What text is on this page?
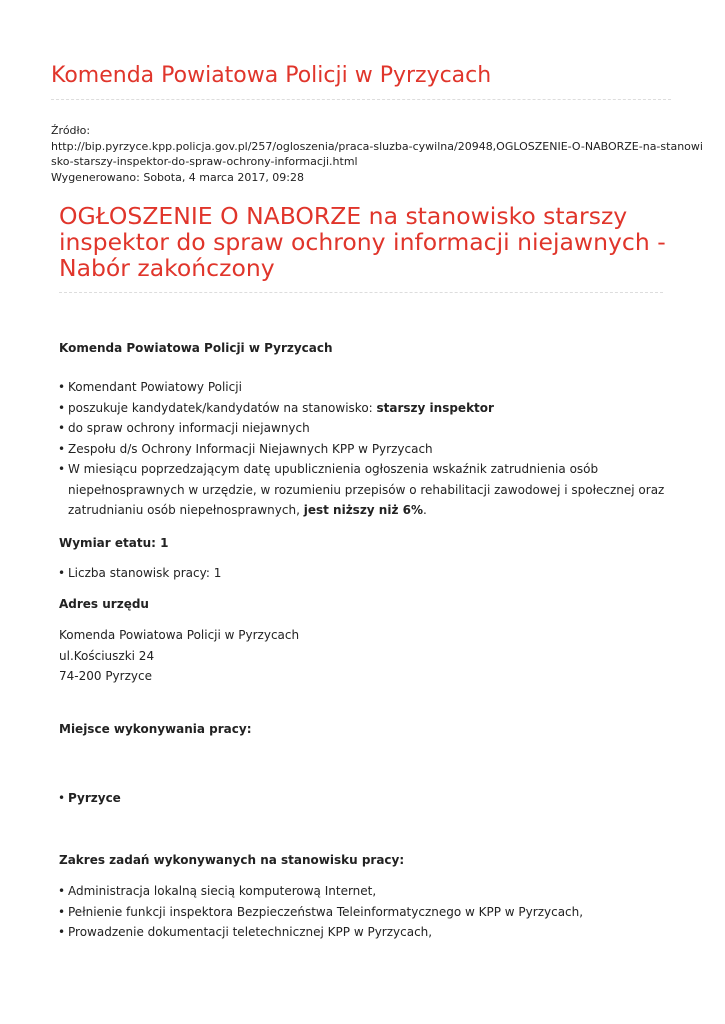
Komenda Powiatowa Policji w Pyrzycach
Źródło:
http://bip.pyrzyce.kpp.policja.gov.pl/257/ogloszenia/praca-sluzba-cywilna/20948,OGLOSZENIE-O-NABORZE-na-stanowi
sko-starszy-inspektor-do-spraw-ochrony-informacji.html
Wygenerowano: Sobota, 4 marca 2017, 09:28
OGŁOSZENIE O NABORZE na stanowisko starszy inspektor do spraw ochrony informacji niejawnych - Nabór zakończony

Komenda Powiatowa Policji w Pyrzycach

• Komendant Powiatowy Policji
• poszukuje kandydatek/kandydatów na stanowisko: starszy inspektor
• do spraw ochrony informacji niejawnych
• Zespołu d/s Ochrony Informacji Niejawnych KPP w Pyrzycach
• W miesiącu poprzedzającym datę upublicznienia ogłoszenia wskaźnik zatrudnienia osób niepełnosprawnych w urzędzie, w rozumieniu przepisów o rehabilitacji zawodowej i społecznej oraz zatrudnianiu osób niepełnosprawnych, jest niższy niż 6%.

Wymiar etatu: 1

• Liczba stanowisk pracy: 1

Adres urzędu

Komenda Powiatowa Policji w Pyrzycach
ul.Kościuszki 24
74-200 Pyrzyce

Miejsce wykonywania pracy:

• Pyrzyce

Zakres zadań wykonywanych na stanowisku pracy:

• Administracja lokalną siecią komputerową Internet,
• Pełnienie funkcji inspektora Bezpieczeństwa Teleinformatycznego w KPP w Pyrzycach,
• Prowadzenie dokumentacji teletechnicznej KPP w Pyrzycach,
